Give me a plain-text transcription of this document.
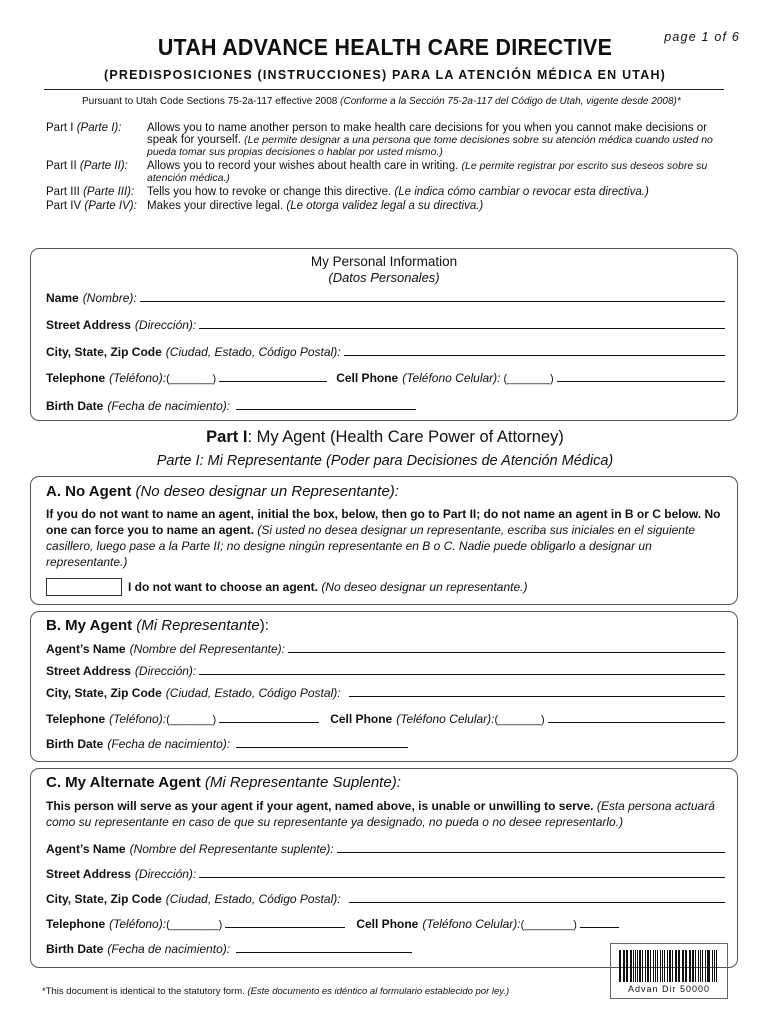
UTAH ADVANCE HEALTH CARE DIRECTIVE	page 1 of 6
(PREDISPOSICIONES (INSTRUCCIONES) PARA LA ATENCIÓN MÉDICA EN UTAH)
Pursuant to Utah Code Sections 75-2a-117 effective 2008 (Conforme a la Sección 75-2a-117 del Código de Utah, vigente desde 2008)*
Part I (Parte I):	Allows you to name another person to make health care decisions for you when you cannot make decisions or speak for yourself. (Le permite designar a una persona que tome decisiones sobre su atención médica cuando usted no pueda tomar sus propias decisiones o hablar por usted mismo.)
Part II (Parte II):	Allows you to record your wishes about health care in writing. (Le permite registrar por escrito sus deseos sobre su atención médica.)
Part III (Parte III):	Tells you how to revoke or change this directive. (Le indica cómo cambiar o revocar esta directiva.)
Part IV (Parte IV): Makes your directive legal. (Le otorga validez legal a su directiva.)
My Personal Information
(Datos Personales)
Name (Nombre):
Street Address (Dirección):
City, State, Zip Code (Ciudad, Estado, Código Postal):
Telephone (Teléfono): (_______)	Cell Phone (Teléfono Celular): (_______)
Birth Date (Fecha de nacimiento):
Part I: My Agent (Health Care Power of Attorney)
Parte I: Mi Representante (Poder para Decisiones de Atención Médica)
A. No Agent (No deseo designar un Representante):
If you do not want to name an agent, initial the box, below, then go to Part II; do not name an agent in B or C below. No one can force you to name an agent. (Si usted no desea designar un representante, escriba sus iniciales en el siguiente casillero, luego pase a la Parte II; no designe ningún representante en B o C. Nadie puede obligarlo a designar un representante.)
I do not want to choose an agent. (No deseo designar un representante.)
B. My Agent (Mi Representante):
Agent’s Name (Nombre del Representante):
Street Address (Dirección):
City, State, Zip Code (Ciudad, Estado, Código Postal):
Telephone (Teléfono): (_______)	Cell Phone (Teléfono Celular): (_______)
Birth Date (Fecha de nacimiento):
C. My Alternate Agent (Mi Representante Suplente):
This person will serve as your agent if your agent, named above, is unable or unwilling to serve. (Esta persona actuará como su representante en caso de que su representante ya designado, no pueda o no desee representarlo.)
Agent’s Name (Nombre del Representante suplente):
Street Address (Dirección):
City, State, Zip Code (Ciudad, Estado, Código Postal):
Telephone (Teléfono): (________)	Cell Phone (Teléfono Celular): (________)
Birth Date (Fecha de nacimiento):
Advan Dir 50000
*This document is identical to the statutory form. (Este documento es idéntico al formulario establecido por ley.)
